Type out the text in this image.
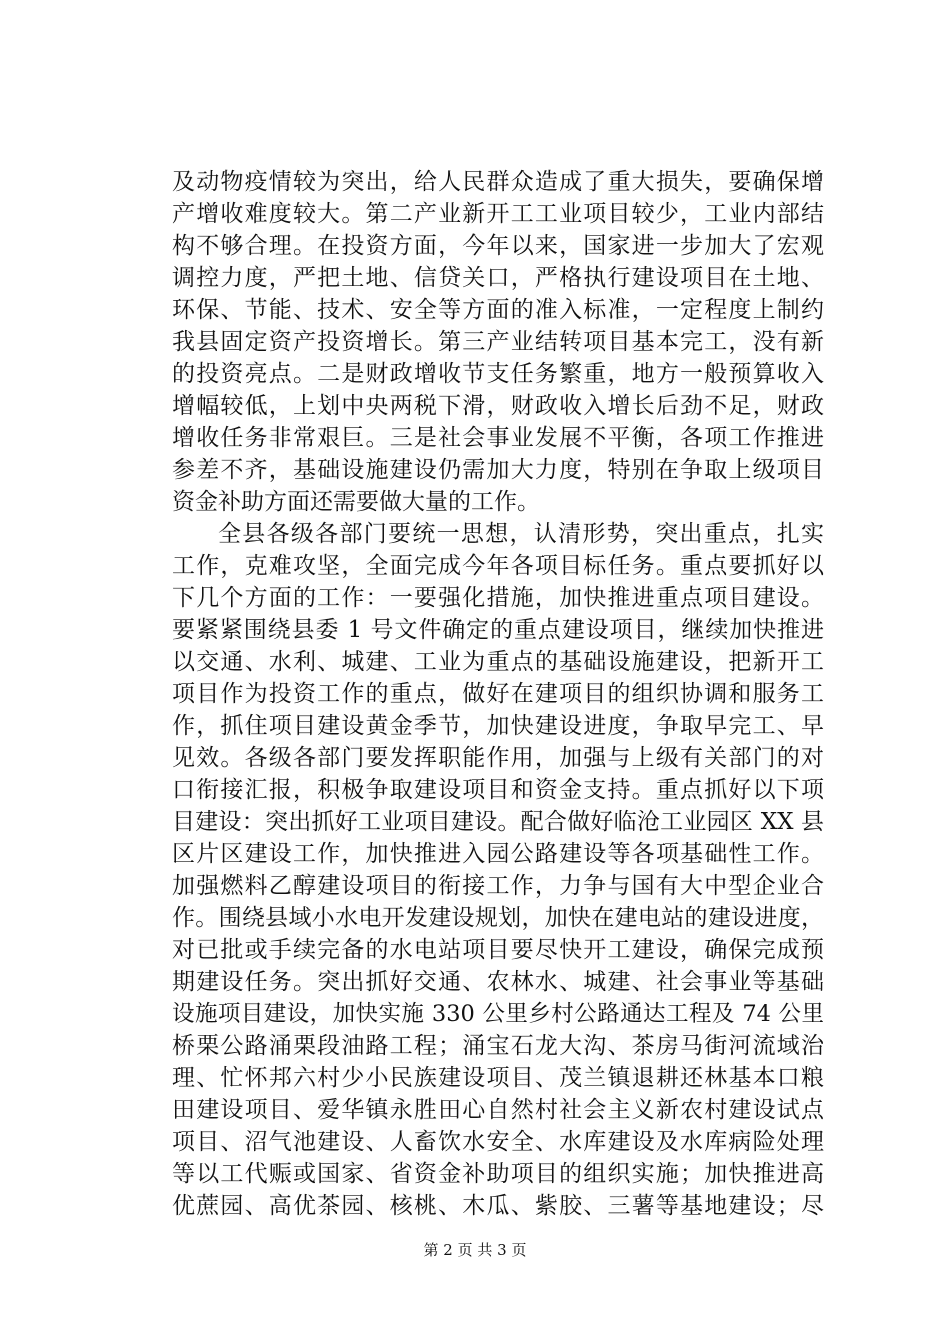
及动物疫情较为突出，给人民群众造成了重大损失，要确保增
产增收难度较大。第二产业新开工工业项目较少，工业内部结
构不够合理。在投资方面，今年以来，国家进一步加大了宏观
调控力度，严把土地、信贷关口，严格执行建设项目在土地、
环保、节能、技术、安全等方面的准入标准，一定程度上制约
我县固定资产投资增长。第三产业结转项目基本完工，没有新
的投资亮点。二是财政增收节支任务繁重，地方一般预算收入
增幅较低，上划中央两税下滑，财政收入增长后劲不足，财政
增收任务非常艰巨。三是社会事业发展不平衡，各项工作推进
参差不齐，基础设施建设仍需加大力度，特别在争取上级项目
资金补助方面还需要做大量的工作。
全县各级各部门要统一思想，认清形势，突出重点，扎实
工作，克难攻坚，全面完成今年各项目标任务。重点要抓好以
下几个方面的工作：一要强化措施，加快推进重点项目建设。
要紧紧围绕县委 1 号文件确定的重点建设项目，继续加快推进
以交通、水利、城建、工业为重点的基础设施建设，把新开工
项目作为投资工作的重点，做好在建项目的组织协调和服务工
作，抓住项目建设黄金季节，加快建设进度，争取早完工、早
见效。各级各部门要发挥职能作用，加强与上级有关部门的对
口衔接汇报，积极争取建设项目和资金支持。重点抓好以下项
目建设：突出抓好工业项目建设。配合做好临沧工业园区 XX 县
区片区建设工作，加快推进入园公路建设等各项基础性工作。
加强燃料乙醇建设项目的衔接工作，力争与国有大中型企业合
作。围绕县域小水电开发建设规划，加快在建电站的建设进度，
对已批或手续完备的水电站项目要尽快开工建设，确保完成预
期建设任务。突出抓好交通、农林水、城建、社会事业等基础
设施项目建设，加快实施 330 公里乡村公路通达工程及 74 公里
桥栗公路涌栗段油路工程；涌宝石龙大沟、茶房马街河流域治
理、忙怀邦六村少小民族建设项目、茂兰镇退耕还林基本口粮
田建设项目、爱华镇永胜田心自然村社会主义新农村建设试点
项目、沼气池建设、人畜饮水安全、水库建设及水库病险处理
等以工代赈或国家、省资金补助项目的组织实施；加快推进高
优蔗园、高优茶园、核桃、木瓜、紫胶、三薯等基地建设；尽
第 2 页 共 3 页
